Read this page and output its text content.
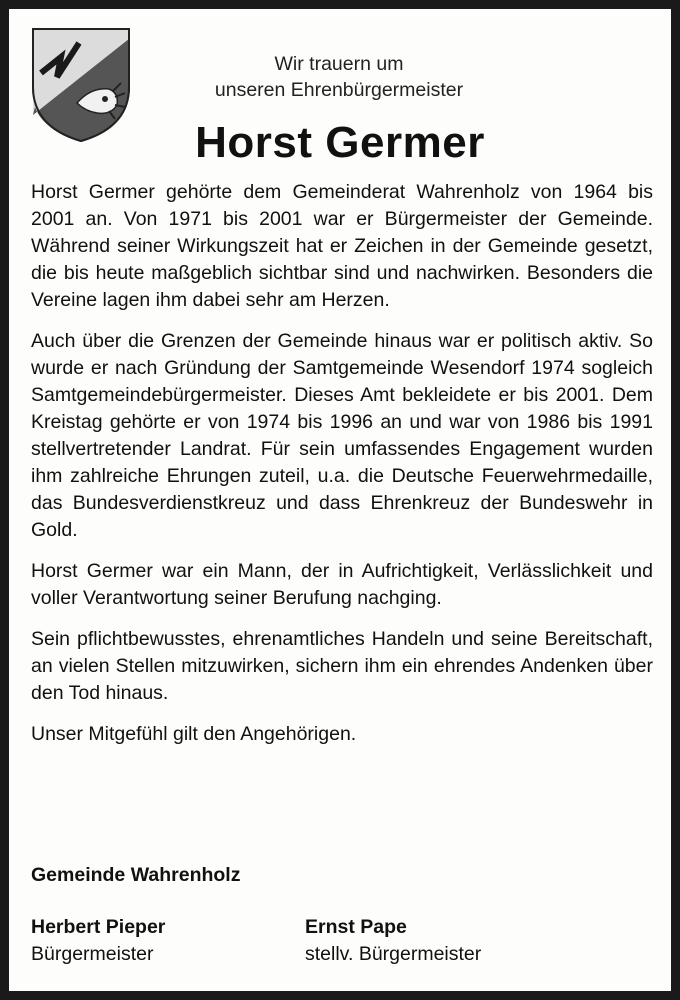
Wir trauern um
unseren Ehrenbürgermeister
Horst Germer

Horst Germer gehörte dem Gemeinderat Wahrenholz von 1964 bis 2001 an. Von 1971 bis 2001 war er Bürgermeister der Gemeinde. Während seiner Wirkungszeit hat er Zeichen in der Gemeinde gesetzt, die bis heute maßgeblich sichtbar sind und nachwirken. Besonders die Vereine lagen ihm dabei sehr am Herzen.

Auch über die Grenzen der Gemeinde hinaus war er politisch aktiv. So wurde er nach Gründung der Samtgemeinde Wesendorf 1974 sogleich Samtgemeindebürgermeister. Dieses Amt bekleidete er bis 2001. Dem Kreistag gehörte er von 1974 bis 1996 an und war von 1986 bis 1991 stellvertretender Landrat. Für sein umfassendes Engagement wurden ihm zahlreiche Ehrungen zuteil, u.a. die Deutsche Feuerwehrmedaille, das Bundesverdienstkreuz und dass Ehrenkreuz der Bundeswehr in Gold.

Horst Germer war ein Mann, der in Aufrichtigkeit, Verlässlichkeit und voller Verantwortung seiner Berufung nachging.

Sein pflichtbewusstes, ehrenamtliches Handeln und seine Bereitschaft, an vielen Stellen mitzuwirken, sichern ihm ein ehrendes Andenken über den Tod hinaus.

Unser Mitgefühl gilt den Angehörigen.

Gemeinde Wahrenholz
Herbert Pieper
Bürgermeister
Ernst Pape
stellv. Bürgermeister
